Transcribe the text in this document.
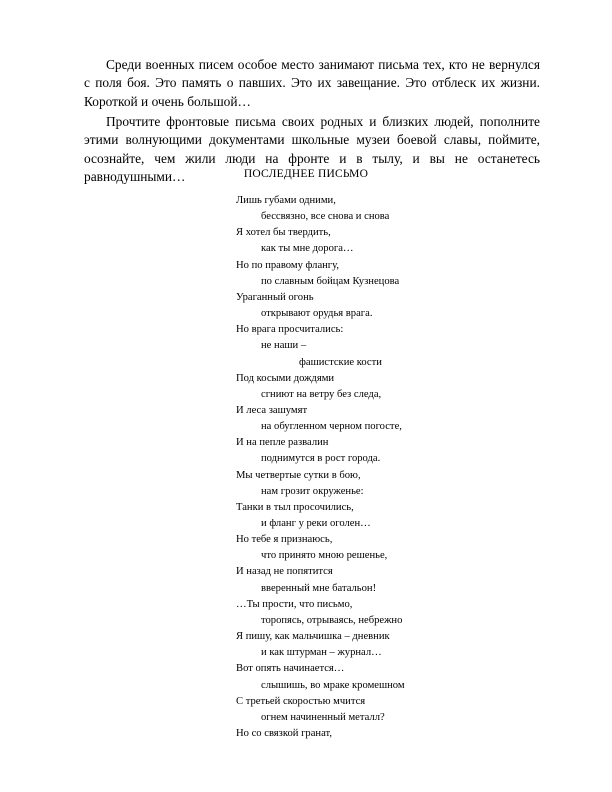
Среди военных писем особое место занимают письма тех, кто не вернулся с поля боя. Это память о павших. Это их завещание. Это отблеск их жизни. Короткой и очень большой…

Прочтите фронтовые письма своих родных и близких людей, пополните этими волнующими документами школьные музеи боевой славы, поймите, осознайте, чем жили люди на фронте и в тылу, и вы не останетесь равнодушными…	ПОСЛЕДНЕЕ ПИСЬМО
Лишь губами одними,
бессвязно, все снова и снова
Я хотел бы твердить,
как ты мне дорога…
Но по правому флангу,
по славным бойцам Кузнецова
Ураганный огонь
открывают орудья врага.
Но врага просчитались:
не наши –
фашистские кости
Под косыми дождями
сгниют на ветру без следа,
И леса зашумят
на обугленном черном погосте,
И на пепле развалин
поднимутся в рост города.
Мы четвертые сутки в бою,
нам грозит окруженье:
Танки в тыл просочились,
и фланг у реки оголен…
Но тебе я признаюсь,
что принято мною решенье,
И назад не попятится
вверенный мне батальон!
…Ты прости, что письмо,
торопясь, отрываясь, небрежно
Я пишу, как мальчишка – дневник
и как штурман – журнал…
Вот опять начинается…
слышишь, во мраке кромешном
С третьей скоростью мчится
огнем начиненный металл?
Но со связкой гранат,
